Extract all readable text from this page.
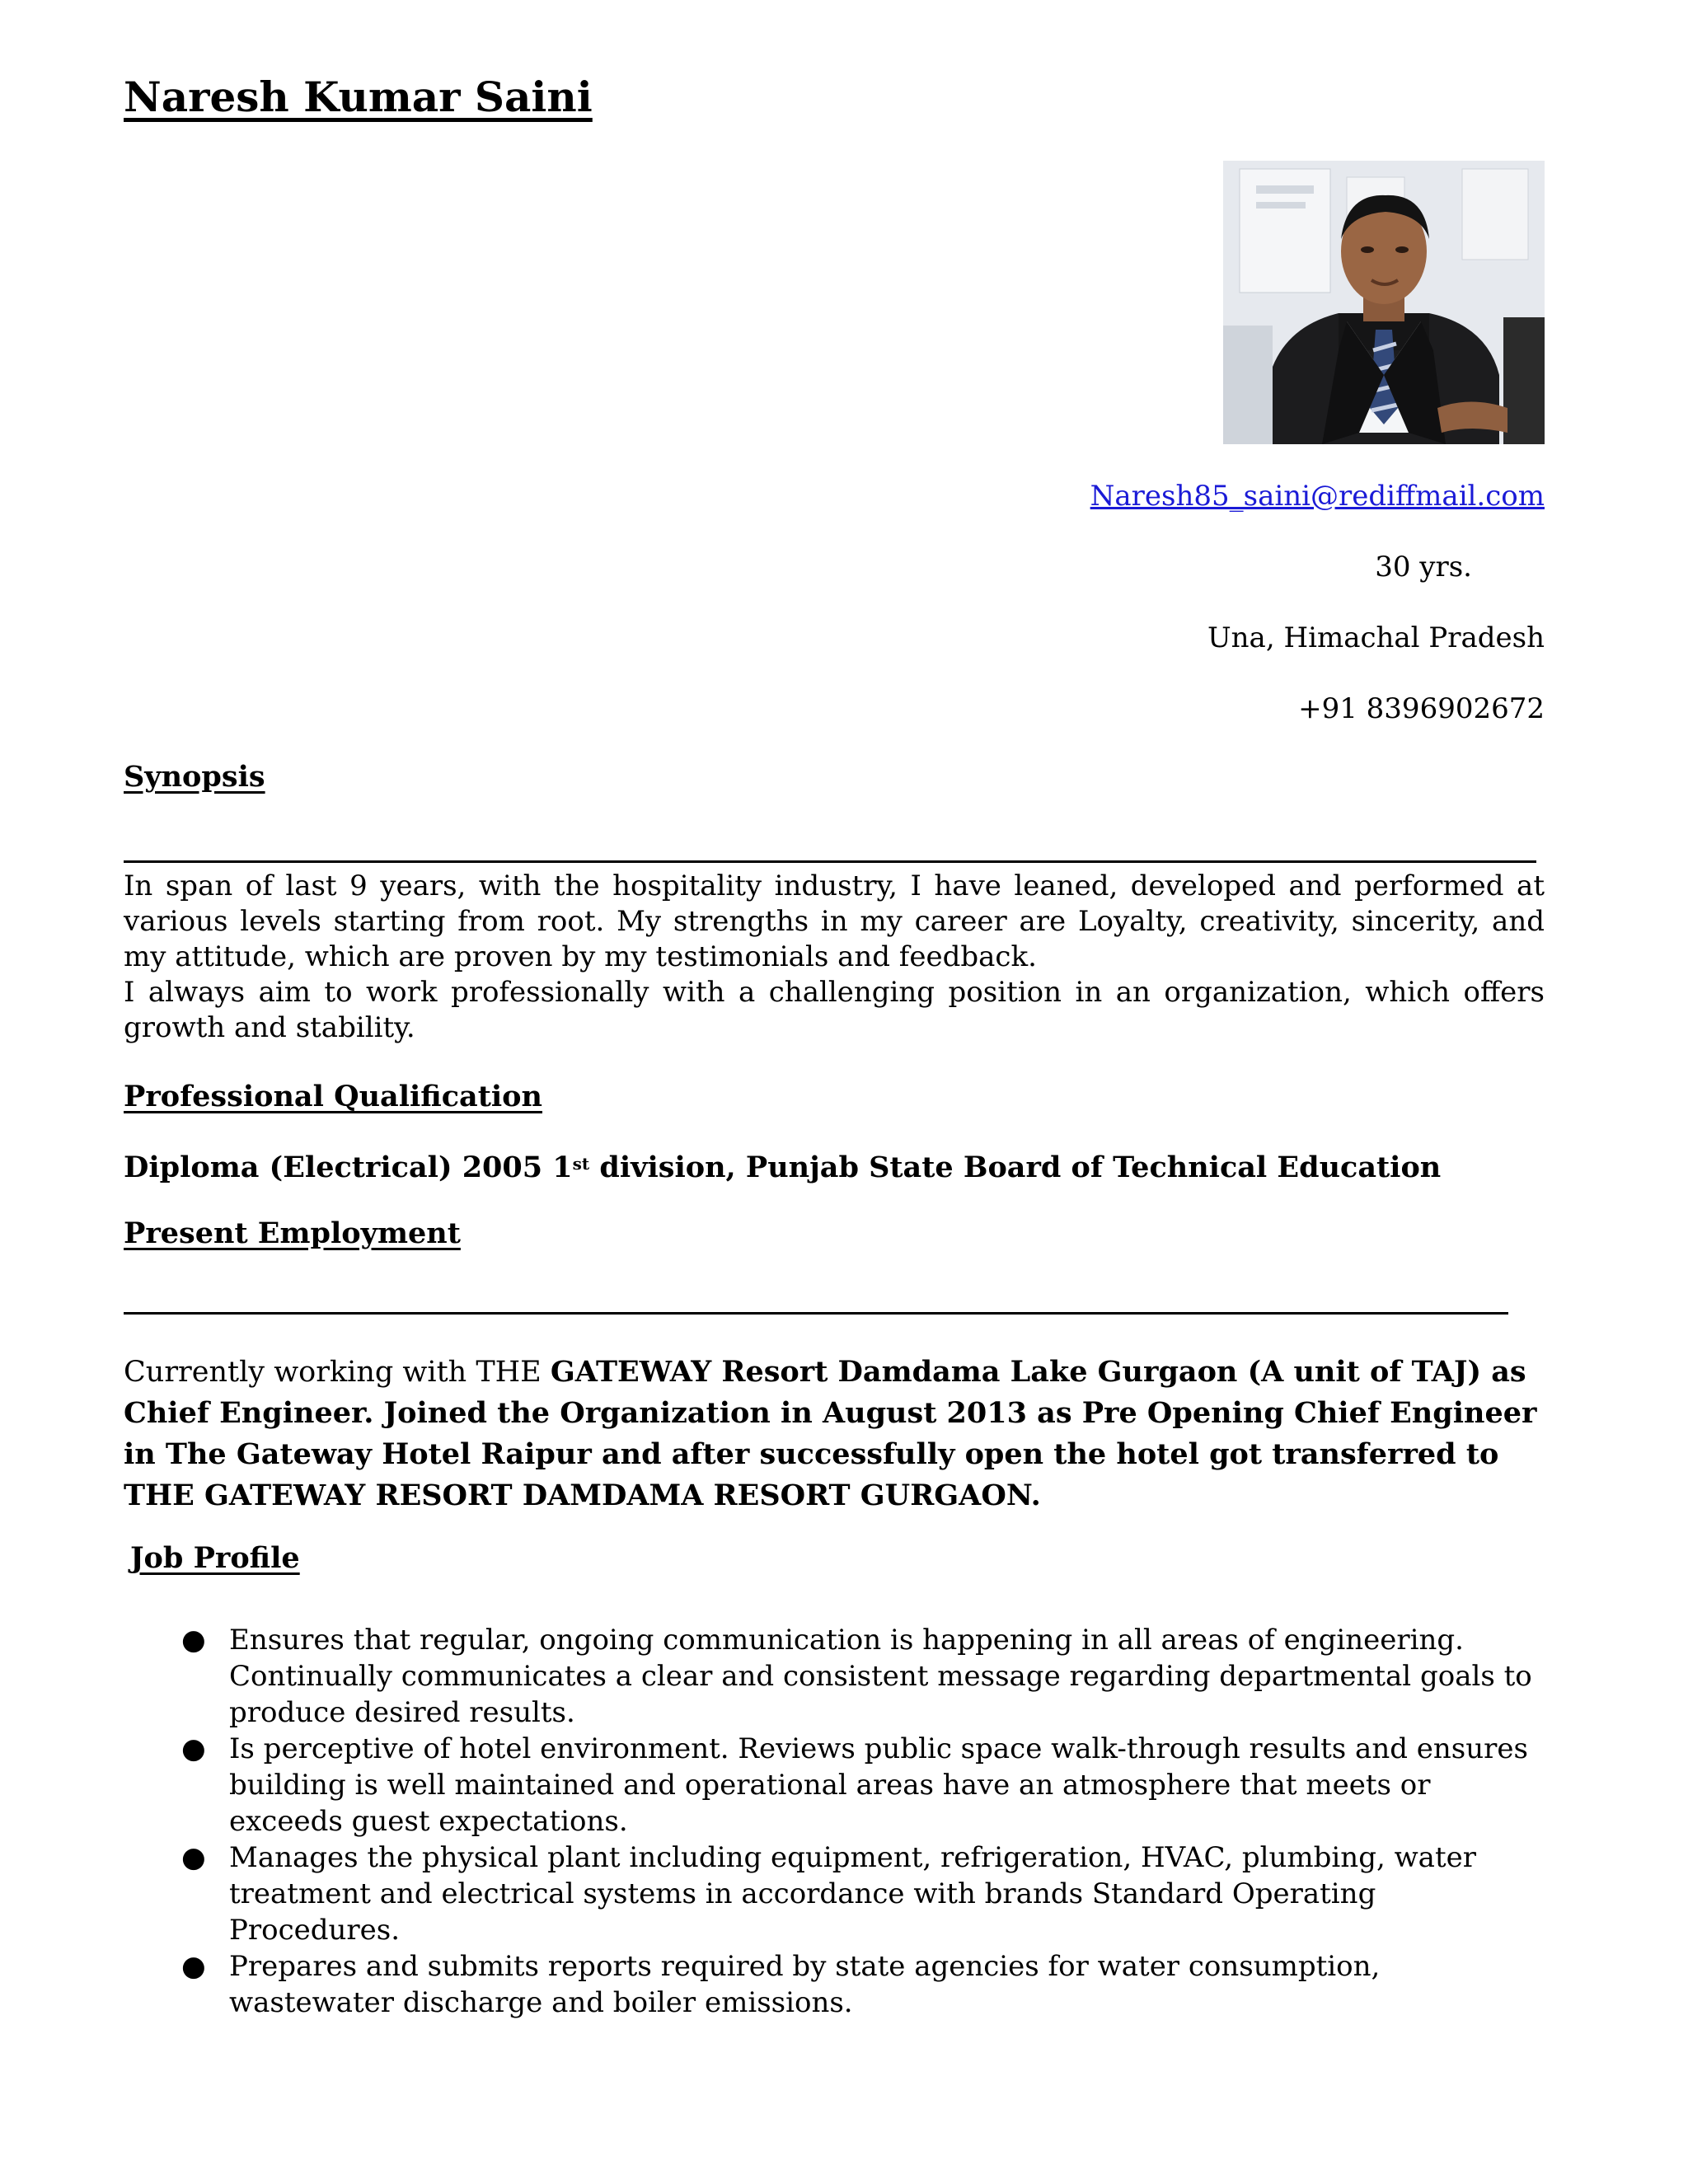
Naresh Kumar Saini
Naresh85_saini@rediffmail.com
30 yrs.
Una, Himachal Pradesh
+91 8396902672
Synopsis

In span of last 9 years, with the hospitality industry, I have leaned, developed and performed at various levels starting from root. My strengths in my career are Loyalty, creativity, sincerity, and my attitude, which are proven by my testimonials and feedback.

I always aim to work professionally with a challenging position in an organization, which offers growth and stability.

Professional Qualification
Diploma (Electrical) 2005 1st division, Punjab State Board of Technical Education
Present Employment
Currently working with THE GATEWAY Resort Damdama Lake Gurgaon (A unit of TAJ) as Chief Engineer. Joined the Organization in August 2013 as Pre Opening Chief Engineer in The Gateway Hotel Raipur and after successfully open the hotel got transferred to THE GATEWAY RESORT DAMDAMA RESORT GURGAON.
Job Profile
● Ensures that regular, ongoing communication is happening in all areas of engineering. Continually communicates a clear and consistent message regarding departmental goals to produce desired results.
● Is perceptive of hotel environment. Reviews public space walk-through results and ensures building is well maintained and operational areas have an atmosphere that meets or exceeds guest expectations.
● Manages the physical plant including equipment, refrigeration, HVAC, plumbing, water treatment and electrical systems in accordance with brands Standard Operating Procedures.
● Prepares and submits reports required by state agencies for water consumption, wastewater discharge and boiler emissions.
